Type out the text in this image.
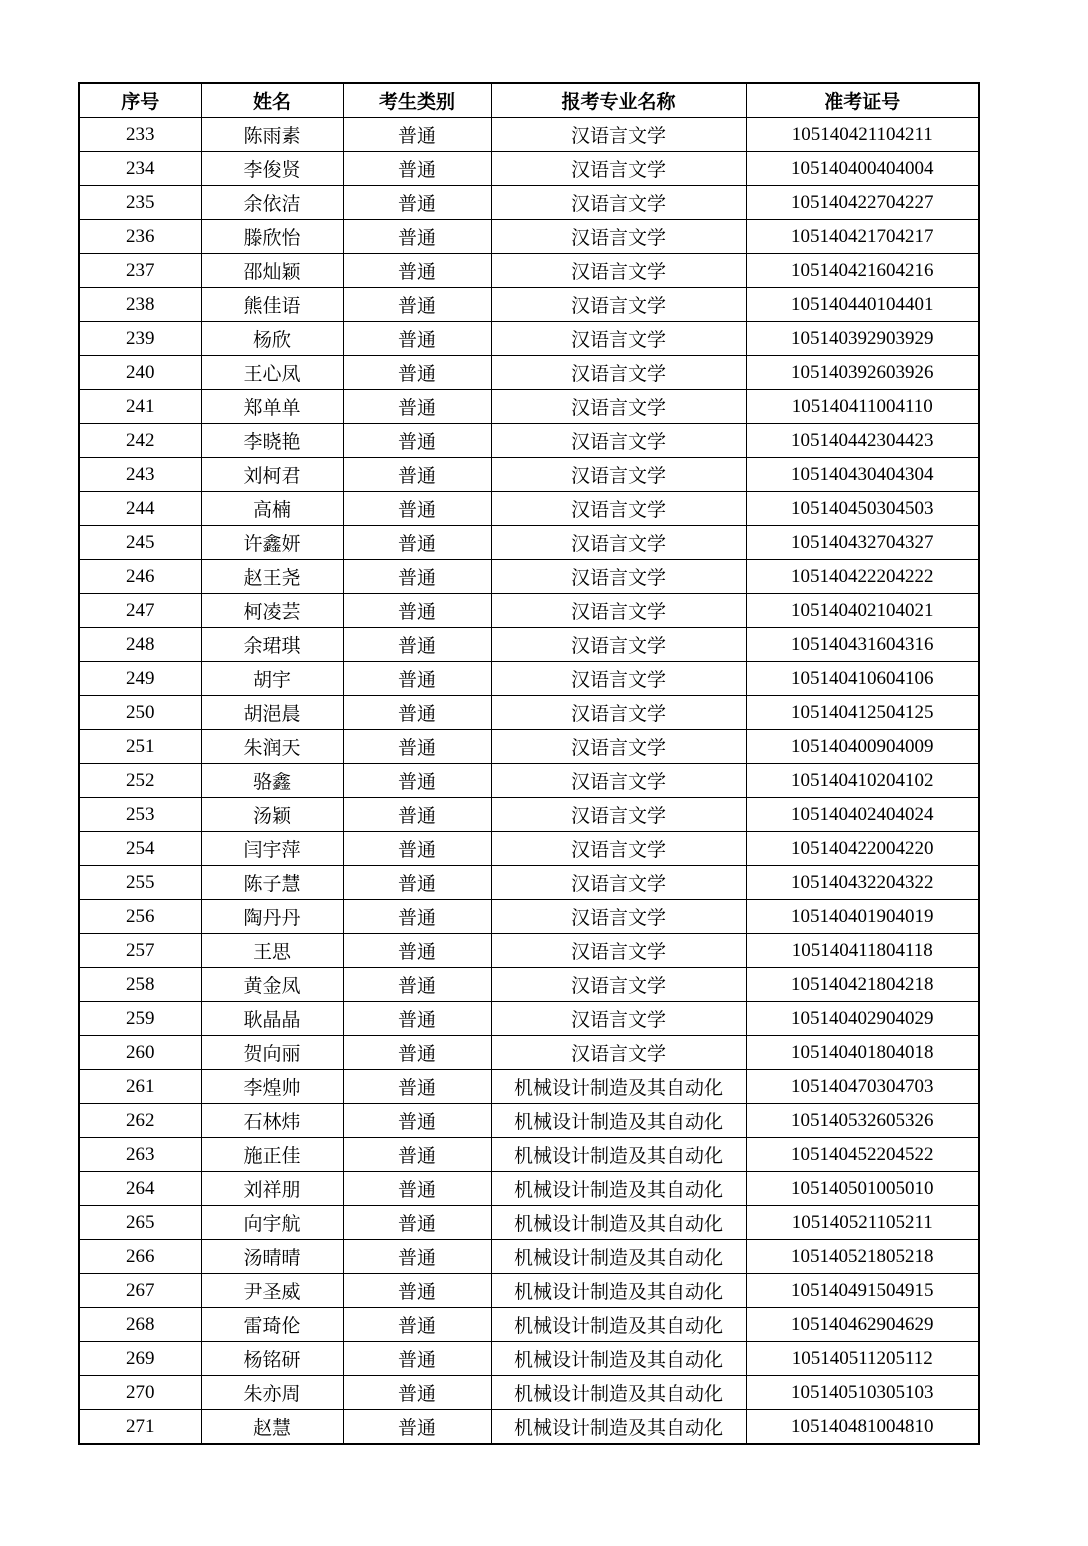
序号	姓名	考生类别	报考专业名称	准考证号
233	陈雨素	普通	汉语言文学	105140421104211
234	李俊贤	普通	汉语言文学	105140400404004
235	余依洁	普通	汉语言文学	105140422704227
236	滕欣怡	普通	汉语言文学	105140421704217
237	邵灿颖	普通	汉语言文学	105140421604216
238	熊佳语	普通	汉语言文学	105140440104401
239	杨欣	普通	汉语言文学	105140392903929
240	王心凤	普通	汉语言文学	105140392603926
241	郑单单	普通	汉语言文学	105140411004110
242	李晓艳	普通	汉语言文学	105140442304423
243	刘柯君	普通	汉语言文学	105140430404304
244	高楠	普通	汉语言文学	105140450304503
245	许鑫妍	普通	汉语言文学	105140432704327
246	赵王尧	普通	汉语言文学	105140422204222
247	柯凌芸	普通	汉语言文学	105140402104021
248	余珺琪	普通	汉语言文学	105140431604316
249	胡宇	普通	汉语言文学	105140410604106
250	胡浥晨	普通	汉语言文学	105140412504125
251	朱润天	普通	汉语言文学	105140400904009
252	骆鑫	普通	汉语言文学	105140410204102
253	汤颖	普通	汉语言文学	105140402404024
254	闫宇萍	普通	汉语言文学	105140422004220
255	陈子慧	普通	汉语言文学	105140432204322
256	陶丹丹	普通	汉语言文学	105140401904019
257	王思	普通	汉语言文学	105140411804118
258	黄金凤	普通	汉语言文学	105140421804218
259	耿晶晶	普通	汉语言文学	105140402904029
260	贺向丽	普通	汉语言文学	105140401804018
261	李煌帅	普通	机械设计制造及其自动化	105140470304703
262	石林炜	普通	机械设计制造及其自动化	105140532605326
263	施正佳	普通	机械设计制造及其自动化	105140452204522
264	刘祥朋	普通	机械设计制造及其自动化	105140501005010
265	向宇航	普通	机械设计制造及其自动化	105140521105211
266	汤晴晴	普通	机械设计制造及其自动化	105140521805218
267	尹圣威	普通	机械设计制造及其自动化	105140491504915
268	雷琦伦	普通	机械设计制造及其自动化	105140462904629
269	杨铭研	普通	机械设计制造及其自动化	105140511205112
270	朱亦周	普通	机械设计制造及其自动化	105140510305103
271	赵慧	普通	机械设计制造及其自动化	105140481004810
